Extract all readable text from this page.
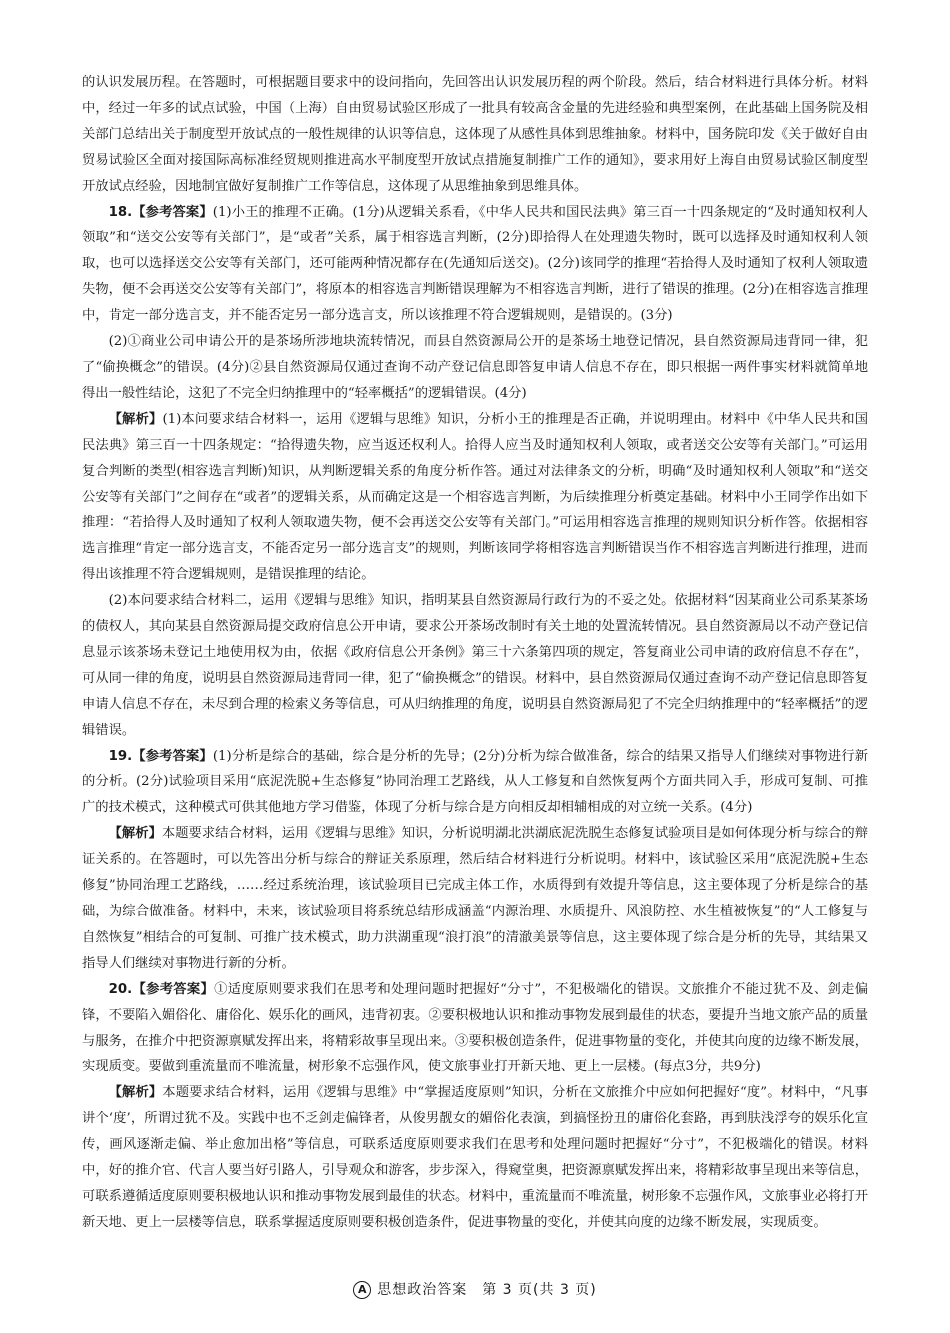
的认识发展历程。在答题时，可根据题目要求中的设问指向，先回答出认识发展历程的两个阶段。然后，结合材料进行具体分析。材料中，经过一年多的试点试验，中国（上海）自由贸易试验区形成了一批具有较高含金量的先进经验和典型案例，在此基础上国务院及相关部门总结出关于制度型开放试点的一般性规律的认识等信息，这体现了从感性具体到思维抽象。材料中，国务院印发《关于做好自由贸易试验区全面对接国际高标准经贸规则推进高水平制度型开放试点措施复制推广工作的通知》，要求用好上海自由贸易试验区制度型开放试点经验，因地制宜做好复制推广工作等信息，这体现了从思维抽象到思维具体。

18.【参考答案】(1)小王的推理不正确。(1分)从逻辑关系看，《中华人民共和国民法典》第三百一十四条规定的“及时通知权利人领取”和“送交公安等有关部门”，是“或者”关系，属于相容选言判断，(2分)即拾得人在处理遗失物时，既可以选择及时通知权利人领取，也可以选择送交公安等有关部门，还可能两种情况都存在(先通知后送交)。(2分)该同学的推理“若拾得人及时通知了权利人领取遗失物，便不会再送交公安等有关部门”，将原本的相容选言判断错误理解为不相容选言判断，进行了错误的推理。(2分)在相容选言推理中，肯定一部分选言支，并不能否定另一部分选言支，所以该推理不符合逻辑规则，是错误的。(3分)

(2)①商业公司申请公开的是茶场所涉地块流转情况，而县自然资源局公开的是茶场土地登记情况，县自然资源局违背同一律，犯了“偷换概念”的错误。(4分)②县自然资源局仅通过查询不动产登记信息即答复申请人信息不存在，即只根据一两件事实材料就简单地得出一般性结论，这犯了不完全归纳推理中的“轻率概括”的逻辑错误。(4分)

【解析】(1)本问要求结合材料一，运用《逻辑与思维》知识，分析小王的推理是否正确，并说明理由。材料中《中华人民共和国民法典》第三百一十四条规定：“拾得遗失物，应当返还权利人。拾得人应当及时通知权利人领取，或者送交公安等有关部门。”可运用复合判断的类型(相容选言判断)知识，从判断逻辑关系的角度分析作答。通过对法律条文的分析，明确“及时通知权利人领取”和“送交公安等有关部门”之间存在“或者”的逻辑关系，从而确定这是一个相容选言判断，为后续推理分析奠定基础。材料中小王同学作出如下推理：“若拾得人及时通知了权利人领取遗失物，便不会再送交公安等有关部门。”可运用相容选言推理的规则知识分析作答。依据相容选言推理“肯定一部分选言支，不能否定另一部分选言支”的规则，判断该同学将相容选言判断错误当作不相容选言判断进行推理，进而得出该推理不符合逻辑规则，是错误推理的结论。

(2)本问要求结合材料二，运用《逻辑与思维》知识，指明某县自然资源局行政行为的不妥之处。依据材料“因某商业公司系某茶场的债权人，其向某县自然资源局提交政府信息公开申请，要求公开茶场改制时有关土地的处置流转情况。县自然资源局以不动产登记信息显示该茶场未登记土地使用权为由，依据《政府信息公开条例》第三十六条第四项的规定，答复商业公司申请的政府信息不存在”，可从同一律的角度，说明县自然资源局违背同一律，犯了“偷换概念”的错误。材料中，县自然资源局仅通过查询不动产登记信息即答复申请人信息不存在，未尽到合理的检索义务等信息，可从归纳推理的角度，说明县自然资源局犯了不完全归纳推理中的“轻率概括”的逻辑错误。

19.【参考答案】(1)分析是综合的基础，综合是分析的先导；(2分)分析为综合做准备，综合的结果又指导人们继续对事物进行新的分析。(2分)试验项目采用“底泥洗脱+生态修复”协同治理工艺路线，从人工修复和自然恢复两个方面共同入手，形成可复制、可推广的技术模式，这种模式可供其他地方学习借鉴，体现了分析与综合是方向相反却相辅相成的对立统一关系。(4分)

【解析】本题要求结合材料，运用《逻辑与思维》知识，分析说明湖北洪湖底泥洗脱生态修复试验项目是如何体现分析与综合的辩证关系的。在答题时，可以先答出分析与综合的辩证关系原理，然后结合材料进行分析说明。材料中，该试验区采用“底泥洗脱+生态修复”协同治理工艺路线，……经过系统治理，该试验项目已完成主体工作，水质得到有效提升等信息，这主要体现了分析是综合的基础，为综合做准备。材料中，未来，该试验项目将系统总结形成涵盖“内源治理、水质提升、风浪防控、水生植被恢复”的“人工修复与自然恢复”相结合的可复制、可推广技术模式，助力洪湖重现“浪打浪”的清澈美景等信息，这主要体现了综合是分析的先导，其结果又指导人们继续对事物进行新的分析。

20.【参考答案】①适度原则要求我们在思考和处理问题时把握好“分寸”，不犯极端化的错误。文旅推介不能过犹不及、剑走偏锋，不要陷入媚俗化、庸俗化、娱乐化的画风，违背初衷。②要积极地认识和推动事物发展到最佳的状态，要提升当地文旅产品的质量与服务，在推介中把资源禀赋发挥出来，将精彩故事呈现出来。③要积极创造条件，促进事物量的变化，并使其向度的边缘不断发展，实现质变。要做到重流量而不唯流量，树形象不忘强作风，使文旅事业打开新天地、更上一层楼。(每点3分，共9分)

【解析】本题要求结合材料，运用《逻辑与思维》中“掌握适度原则”知识，分析在文旅推介中应如何把握好“度”。材料中，“凡事讲个‘度’，所谓过犹不及。实践中也不乏剑走偏锋者，从俊男靓女的媚俗化表演，到搞怪扮丑的庸俗化套路，再到肤浅浮夸的娱乐化宣传，画风逐渐走偏、举止愈加出格”等信息，可联系适度原则要求我们在思考和处理问题时把握好“分寸”，不犯极端化的错误。材料中，好的推介官、代言人要当好引路人，引导观众和游客，步步深入，得窥堂奥，把资源禀赋发挥出来，将精彩故事呈现出来等信息，可联系遵循适度原则要积极地认识和推动事物发展到最佳的状态。材料中，重流量而不唯流量，树形象不忘强作风，文旅事业必将打开新天地、更上一层楼等信息，联系掌握适度原则要积极创造条件，促进事物量的变化，并使其向度的边缘不断发展，实现质变。

A 思想政治答案　第 3 页(共 3 页)
